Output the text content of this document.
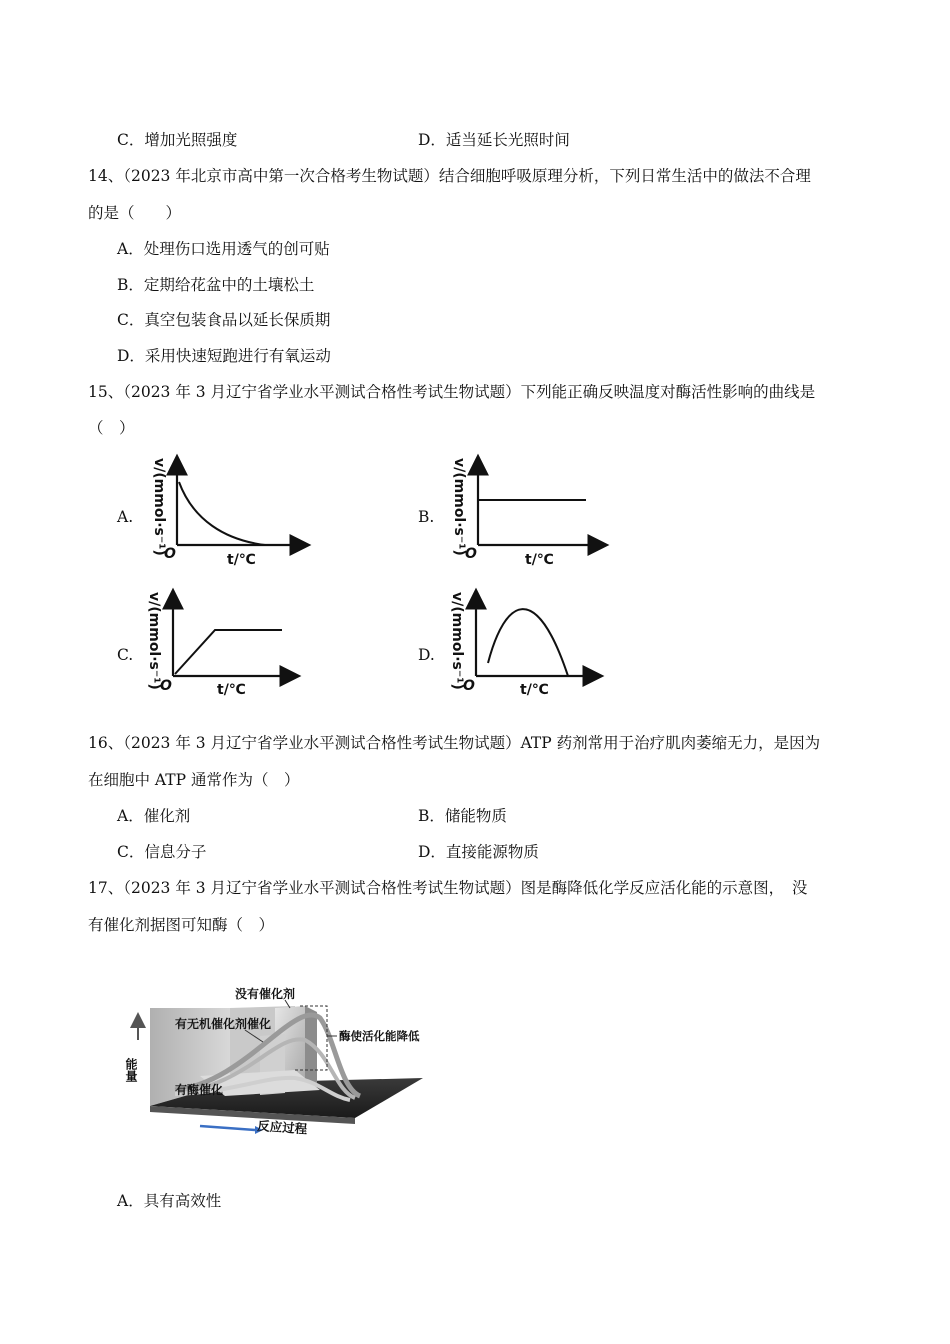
C．增加光照强度	D．适当延长光照时间
14、（2023 年北京市高中第一次合格考生物试题）结合细胞呼吸原理分析，下列日常生活中的做法不合理
的是（　　）
A．处理伤口选用透气的创可贴
B．定期给花盆中的土壤松土
C．真空包装食品以延长保质期
D．采用快速短跑进行有氧运动
15、（2023 年 3 月辽宁省学业水平测试合格性考试生物试题）下列能正确反映温度对酶活性影响的曲线是
（　）
A.	B.
C.	D.
v/(mmol·s⁻¹)
O	t/℃
v/(mmol·s⁻¹)
O	t/℃
v/(mmol·s⁻¹)
O	t/℃
v/(mmol·s⁻¹)
O	t/℃
16、（2023 年 3 月辽宁省学业水平测试合格性考试生物试题）ATP 药剂常用于治疗肌肉萎缩无力，是因为
在细胞中 ATP 通常作为（　）
A．催化剂	B．储能物质
C．信息分子	D．直接能源物质
17、（2023 年 3 月辽宁省学业水平测试合格性考试生物试题）图是酶降低化学反应活化能的示意图，　没
有催化剂据图可知酶（　）
没有催化剂
有无机催化剂催化
酶使活化能降低
有酶催化
能量
反应过程
A．具有高效性
